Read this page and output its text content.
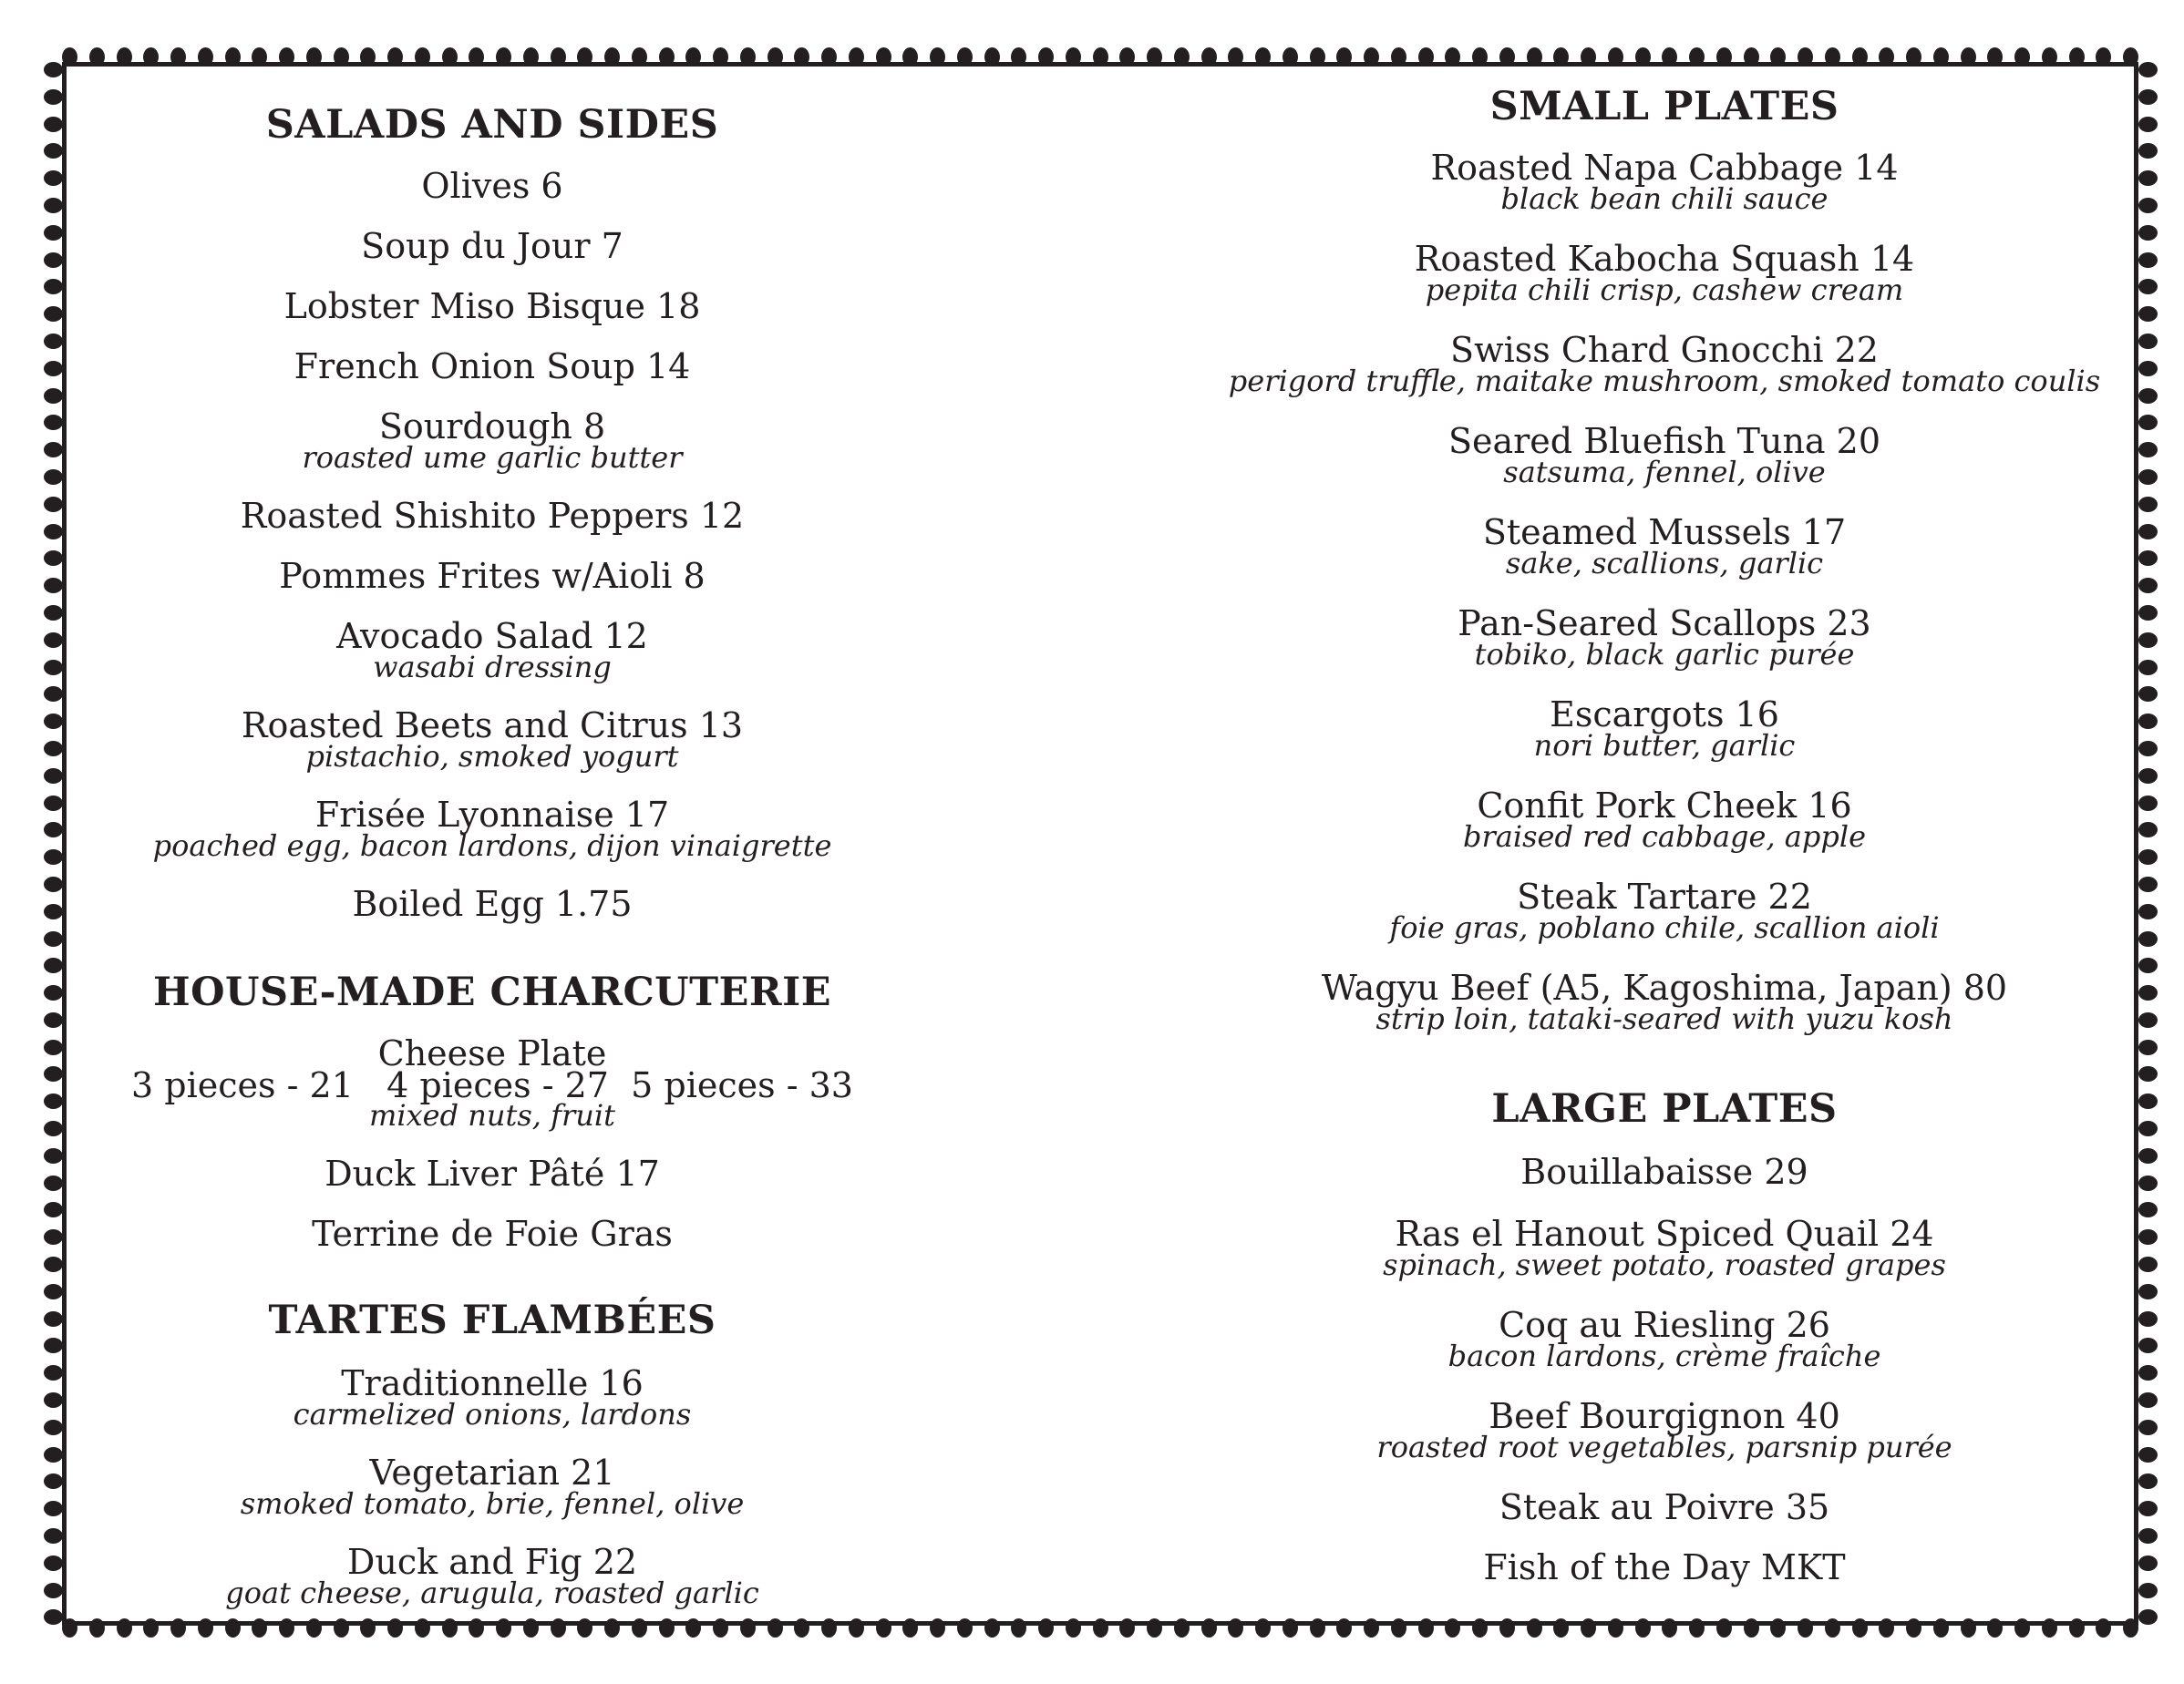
SALADS AND SIDES
Olives 6
Soup du Jour 7
Lobster Miso Bisque 18
French Onion Soup 14
Sourdough 8
roasted ume garlic butter
Roasted Shishito Peppers 12
Pommes Frites w/Aioli 8
Avocado Salad 12
wasabi dressing
Roasted Beets and Citrus 13
pistachio, smoked yogurt
Frisée Lyonnaise 17
poached egg, bacon lardons, dijon vinaigrette
Boiled Egg 1.75
HOUSE-MADE CHARCUTERIE
Cheese Plate
3 pieces - 21   4 pieces - 27  5 pieces - 33
mixed nuts, fruit
Duck Liver Pâté 17
Terrine de Foie Gras
TARTES FLAMBÉES
Traditionnelle 16
carmelized onions, lardons
Vegetarian 21
smoked tomato, brie, fennel, olive
Duck and Fig 22
goat cheese, arugula, roasted garlic
SMALL PLATES
Roasted Napa Cabbage 14
black bean chili sauce
Roasted Kabocha Squash 14
pepita chili crisp, cashew cream
Swiss Chard Gnocchi 22
perigord truffle, maitake mushroom, smoked tomato coulis
Seared Bluefish Tuna 20
satsuma, fennel, olive
Steamed Mussels 17
sake, scallions, garlic
Pan-Seared Scallops 23
tobiko, black garlic purée
Escargots 16
nori butter, garlic
Confit Pork Cheek 16
braised red cabbage, apple
Steak Tartare 22
foie gras, poblano chile, scallion aioli
Wagyu Beef (A5, Kagoshima, Japan) 80
strip loin, tataki-seared with yuzu kosh
LARGE PLATES
Bouillabaisse 29
Ras el Hanout Spiced Quail 24
spinach, sweet potato, roasted grapes
Coq au Riesling 26
bacon lardons, crème fraîche
Beef Bourgignon 40
roasted root vegetables, parsnip purée
Steak au Poivre 35
Fish of the Day MKT
